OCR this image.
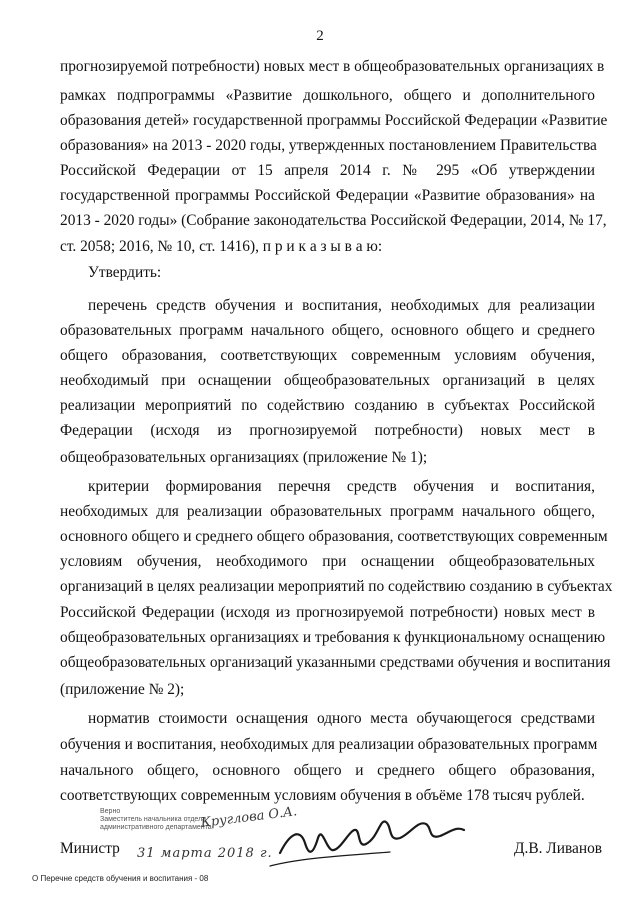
2
прогнозируемой потребности) новых мест в общеобразовательных организациях в
рамках подпрограммы «Развитие дошкольного, общего и дополнительного
образования детей» государственной программы Российской Федерации «Развитие
образования» на 2013 - 2020 годы, утвержденных постановлением Правительства
Российской Федерации от 15 апреля 2014 г. № 295 «Об утверждении
государственной программы Российской Федерации «Развитие образования» на
2013 - 2020 годы» (Собрание законодательства Российской Федерации, 2014, № 17,
ст. 2058; 2016, № 10, ст. 1416), п р и к а з ы в а ю:
Утвердить:
перечень средств обучения и воспитания, необходимых для реализации
образовательных программ начального общего, основного общего и среднего
общего образования, соответствующих современным условиям обучения,
необходимый при оснащении общеобразовательных организаций в целях
реализации мероприятий по содействию созданию в субъектах Российской
Федерации (исходя из прогнозируемой потребности) новых мест в
общеобразовательных организациях (приложение № 1);
критерии формирования перечня средств обучения и воспитания,
необходимых для реализации образовательных программ начального общего,
основного общего и среднего общего образования, соответствующих современным
условиям обучения, необходимого при оснащении общеобразовательных
организаций в целях реализации мероприятий по содействию созданию в субъектах
Российской Федерации (исходя из прогнозируемой потребности) новых мест в
общеобразовательных организациях и требования к функциональному оснащению
общеобразовательных организаций указанными средствами обучения и воспитания
(приложение № 2);
норматив стоимости оснащения одного места обучающегося средствами
обучения и воспитания, необходимых для реализации образовательных программ
начального общего, основного общего и среднего общего образования,
соответствующих современным условиям обучения в объёме 178 тысяч рублей.
Верно
Заместитель начальника отдела
административного департамента
Круглова О.А.
Министр 31 марта 2018 г.	Д.В. Ливанов
О Перечне средств обучения и воспитания - 08
